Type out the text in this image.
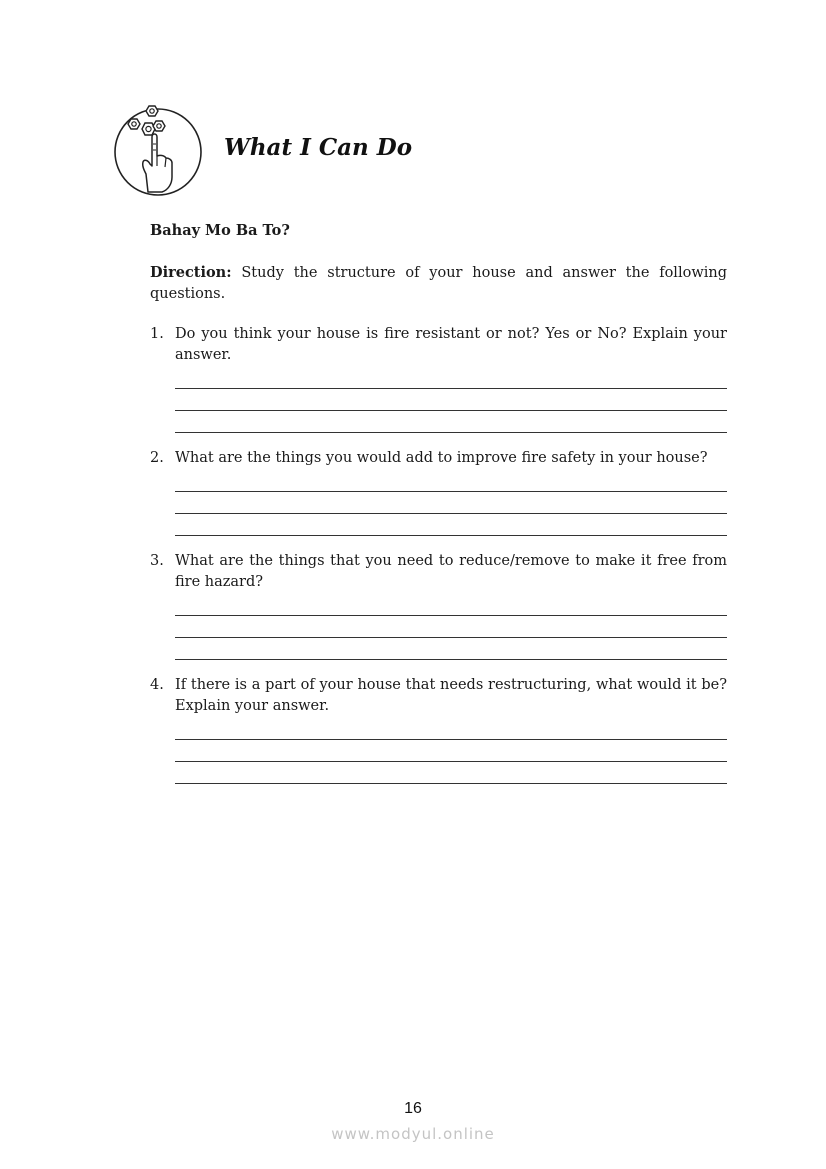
What I Can Do
Bahay Mo Ba To?

Direction: Study the structure of your house and answer the following questions.

1. Do you think your house is fire resistant or not? Yes or No? Explain your answer.
2. What are the things you would add to improve fire safety in your house?
3. What are the things that you need to reduce/remove to make it free from fire hazard?
4. If there is a part of your house that needs restructuring, what would it be? Explain your answer.
16
www.modyul.online
